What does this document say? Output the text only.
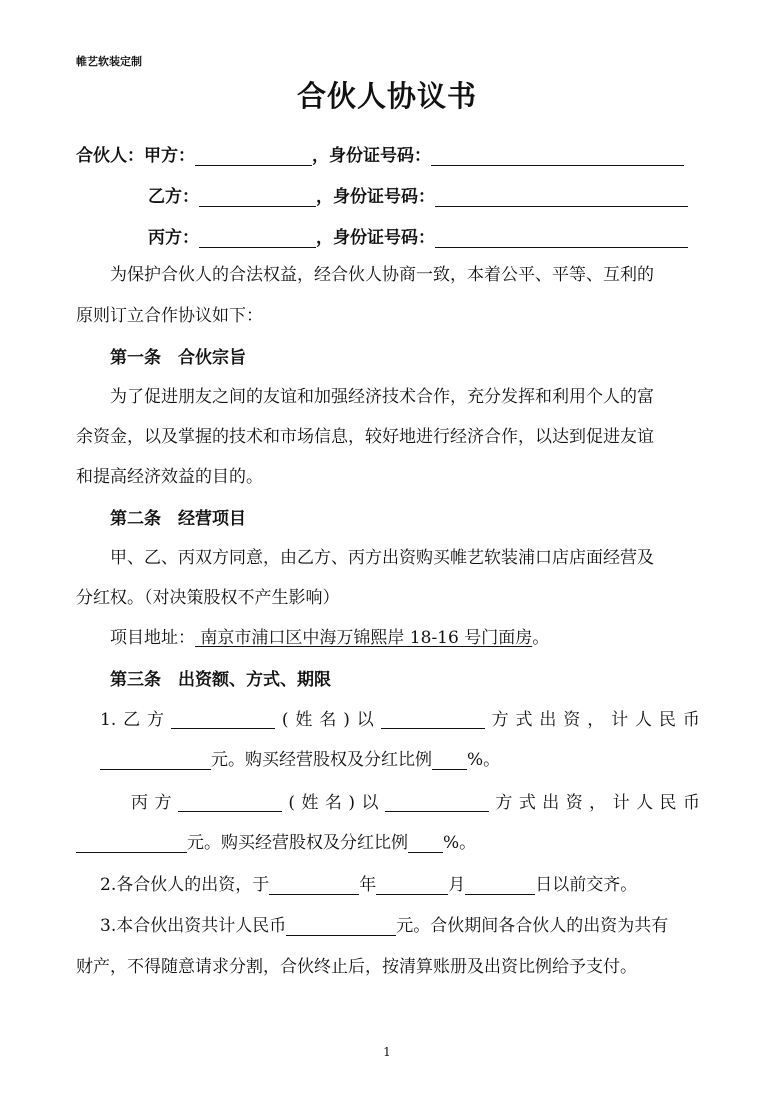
帷艺软装定制
合伙人协议书
合伙人：甲方：	，身份证号码：
乙方：	，身份证号码：
丙方：	，身份证号码：
为保护合伙人的合法权益，经合伙人协商一致，本着公平、平等、互利的
原则订立合作协议如下：
第一条　合伙宗旨
为了促进朋友之间的友谊和加强经济技术合作，充分发挥和利用个人的富
余资金，以及掌握的技术和市场信息，较好地进行经济合作，以达到促进友谊
和提高经济效益的目的。
第二条　经营项目
甲、乙、丙双方同意，由乙方、丙方出资购买帷艺软装浦口店店面经营及
分红权。（对决策股权不产生影响）
项目地址： 南京市浦口区中海万锦熙岸 18-16 号门面房。
第三条　出资额、方式、期限
1. 乙 方	( 姓 名 ) 以	方 式 出 资 ， 计 人 民 币
元。购买经营股权及分红比例 %。
丙 方	( 姓 名 ) 以	方 式 出 资 ， 计 人 民 币
元。购买经营股权及分红比例 %。
2.各合伙人的出资，于	年	月	日以前交齐。
3.本合伙出资共计人民币	元。合伙期间各合伙人的出资为共有
财产，不得随意请求分割，合伙终止后，按清算账册及出资比例给予支付。
1
